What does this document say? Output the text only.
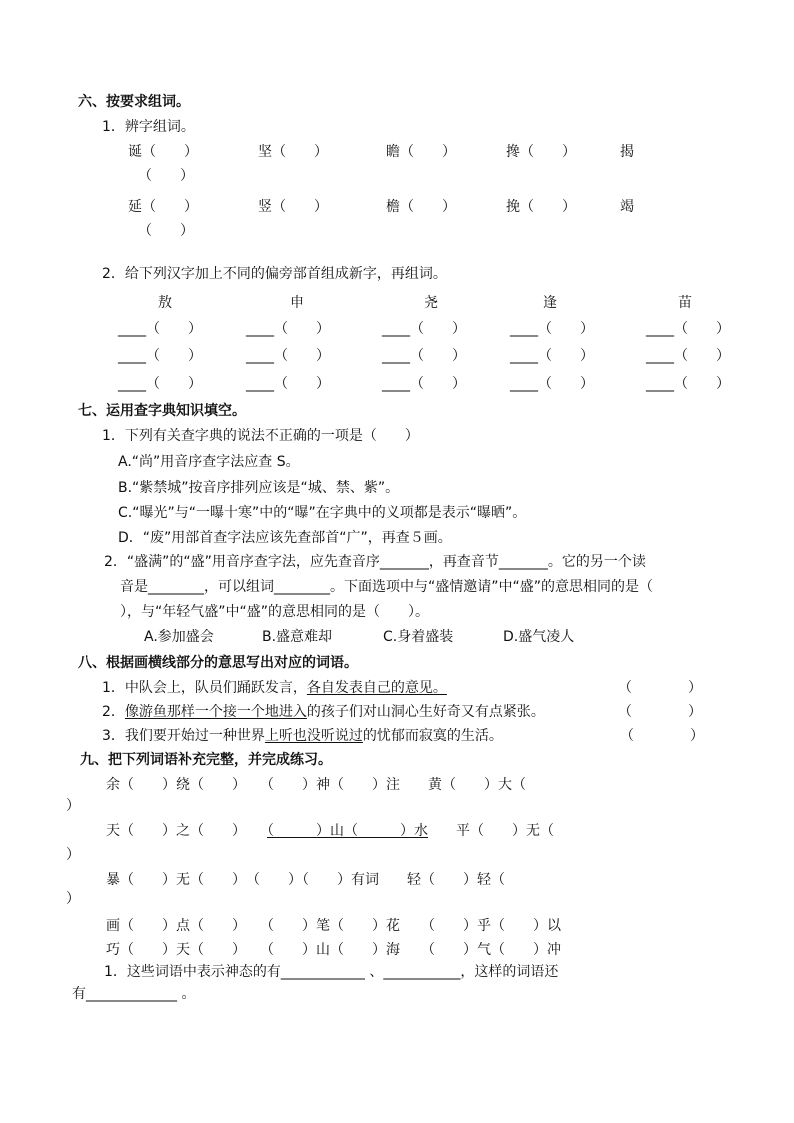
六、按要求组词。
1．辨字组词。
诞（　　）	坚（　　）	瞻（　　）	搀（　　）	揭
（　　）
延（　　）	竖（　　）	檐（　　）	挽（　　）	竭
（　　）
2．给下列汉字加上不同的偏旁部首组成新字，再组词。
敖	申	尧	逢	苗
____（　　）	____（　　）	____（　　）	____（　　）	____（　　）
____（　　）	____（　　）	____（　　）	____（　　）	____（　　）
____（　　）	____（　　）	____（　　）	____（　　）	____（　　）
七、运用查字典知识填空。
1．下列有关查字典的说法不正确的一项是（　　）
A.“尚”用音序查字法应查 S。
B.“紫禁城”按音序排列应该是“城、禁、紫”。
C.“曝光”与“一曝十寒”中的“曝”在字典中的义项都是表示“曝晒”。
D．“废”用部首查字法应该先查部首“广”，再查５画。
2．“盛满”的“盛”用音序查字法，应先查音序_______，再查音节_______。它的另一个读
音是________，可以组词________。下面选项中与“盛情邀请”中“盛”的意思相同的是（
），与“年轻气盛”中“盛”的意思相同的是（　　）。
A.参加盛会	B.盛意难却	C.身着盛装	D.盛气凌人
八、根据画横线部分的意思写出对应的词语。
1．中队会上，队员们踊跃发言，各自发表自己的意见。	（　　　　）
2．像游鱼那样一个接一个地进入的孩子们对山洞心生好奇又有点紧张。	（　　　　）
3．我们要开始过一种世界上听也没听说过的忧郁而寂寞的生活。	（　　　　）
九、把下列词语补充完整，并完成练习。
余（　　）绕（　　）　　（　　）神（　　）注　　黄（　　）大（
）
天（　　）之（　　）　　（　　　）山（　　　）水　　平（　　）无（
）
暴（　　）无（　　）　（　　）（　　）有词　　轻（　　）轻（
）
画（　　）点（　　）　　（　　）笔（　　）花　　（　　）乎（　　）以
巧（　　）天（　　）　　（　　）山（　　）海　　（　　）气（　　）冲
1．这些词语中表示神态的有____________ 、___________，这样的词语还
有_____________ 。
